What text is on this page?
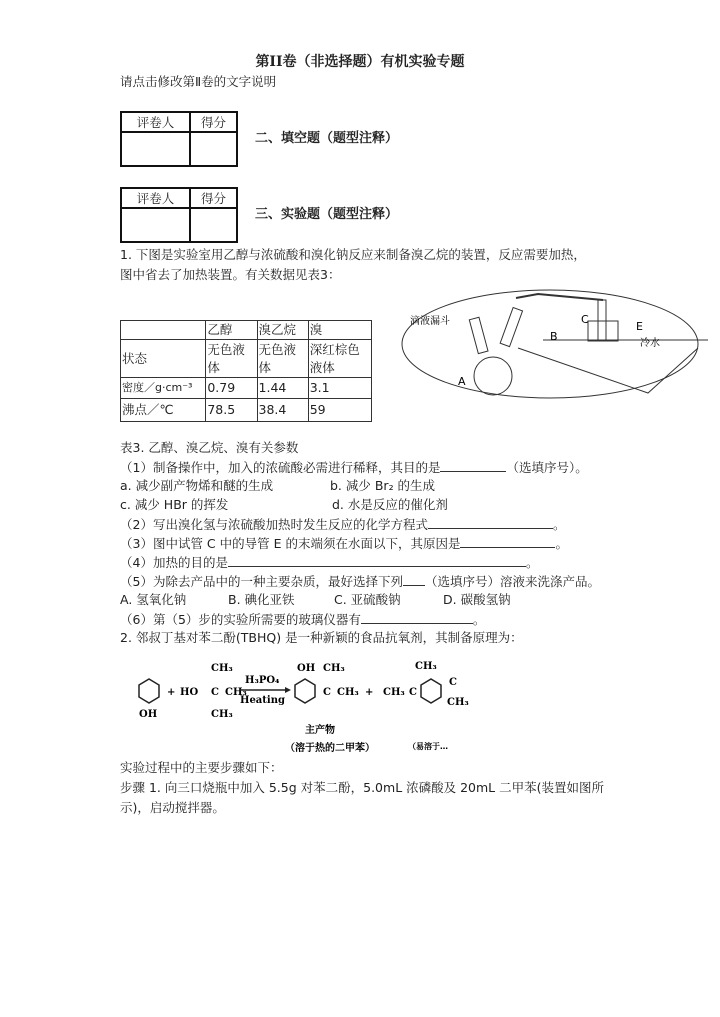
第II卷（非选择题）有机实验专题
请点击修改第Ⅱ卷的文字说明
评卷人	得分

二、填空题（题型注释）
评卷人	得分

三、实验题（题型注释）
1. 下图是实验室用乙醇与浓硫酸和溴化钠反应来制备溴乙烷的装置，反应需要加热，
图中省去了加热装置。有关数据见表3：
	乙醇	溴乙烷	溴
状态	无色液体	无色液体	深红棕色液体
密度／g·cm⁻³	0.79	1.44	3.1
沸点／℃	78.5	38.4	59
滴液漏斗
A
B
C
E
冷水
表3. 乙醇、溴乙烷、溴有关参数
（1）制备操作中，加入的浓硫酸必需进行稀释，其目的是	（选填序号）。
a. 减少副产物烯和醚的生成	b. 减少 Br₂ 的生成
c. 减少 HBr 的挥发	d. 水是反应的催化剂
（2）写出溴化氢与浓硫酸加热时发生反应的化学方程式	。
（3）图中试管 C 中的导管 E 的末端须在水面以下，其原因是	。
（4）加热的目的是	。
（5）为除去产品中的一种主要杂质，最好选择下列 （选填序号）溶液来洗涤产品。
A. 氢氧化钠	B. 碘化亚铁	C. 亚硫酸钠	D. 碳酸氢钠
（6）第（5）步的实验所需要的玻璃仪器有	。
2. 邻叔丁基对苯二酚(TBHQ) 是一种新颖的食品抗氧剂，其制备原理为：
OH
+ HO C CH₃
CH₃
CH₃
H₃PO₄
Heating
OH
C CH₃
CH₃
+ CH₃ C
C
CH₃
CH₃
主产物
（溶于热的二甲苯）	（易溶于…
实验过程中的主要步骤如下：
步骤 1. 向三口烧瓶中加入 5.5g 对苯二酚，5.0mL 浓磷酸及 20mL 二甲苯(装置如图所
示)，启动搅拌器。
